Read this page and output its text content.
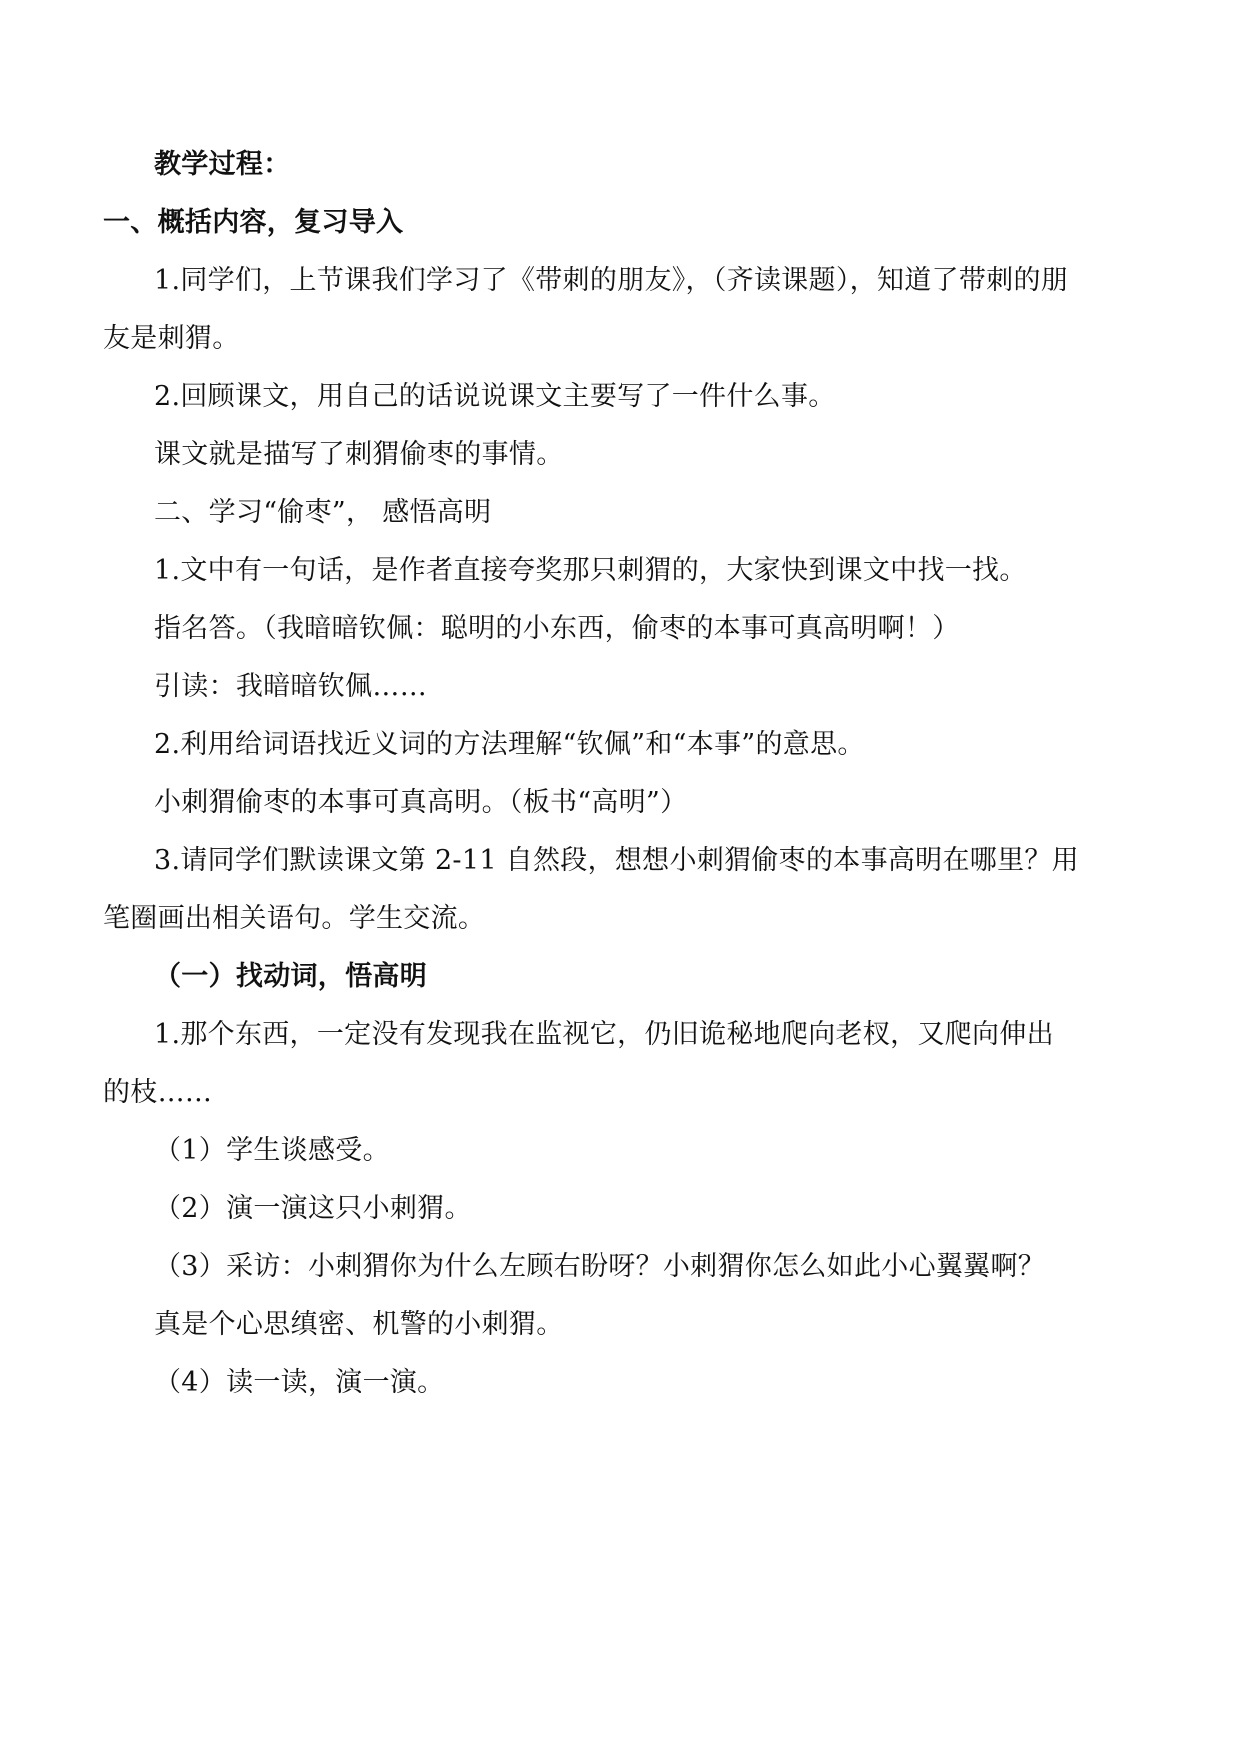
教学过程：
一、概括内容，复习导入
1.同学们，上节课我们学习了《带刺的朋友》，（齐读课题），知道了带刺的朋
友是刺猬。
2.回顾课文，用自己的话说说课文主要写了一件什么事。
课文就是描写了刺猬偷枣的事情。
二、学习“偷枣”， 感悟高明
1.文中有一句话，是作者直接夸奖那只刺猬的，大家快到课文中找一找。
指名答。（我暗暗钦佩：聪明的小东西，偷枣的本事可真高明啊！）
引读：我暗暗钦佩……
2.利用给词语找近义词的方法理解“钦佩”和“本事”的意思。
小刺猬偷枣的本事可真高明。（板书“高明”）
3.请同学们默读课文第 2-11 自然段，想想小刺猬偷枣的本事高明在哪里？用
笔圈画出相关语句。学生交流。
（一）找动词，悟高明
1.那个东西，一定没有发现我在监视它，仍旧诡秘地爬向老杈，又爬向伸出
的枝……
（1）学生谈感受。
（2）演一演这只小刺猬。
（3）采访：小刺猬你为什么左顾右盼呀？小刺猬你怎么如此小心翼翼啊？
真是个心思缜密、机警的小刺猬。
（4）读一读，演一演。
